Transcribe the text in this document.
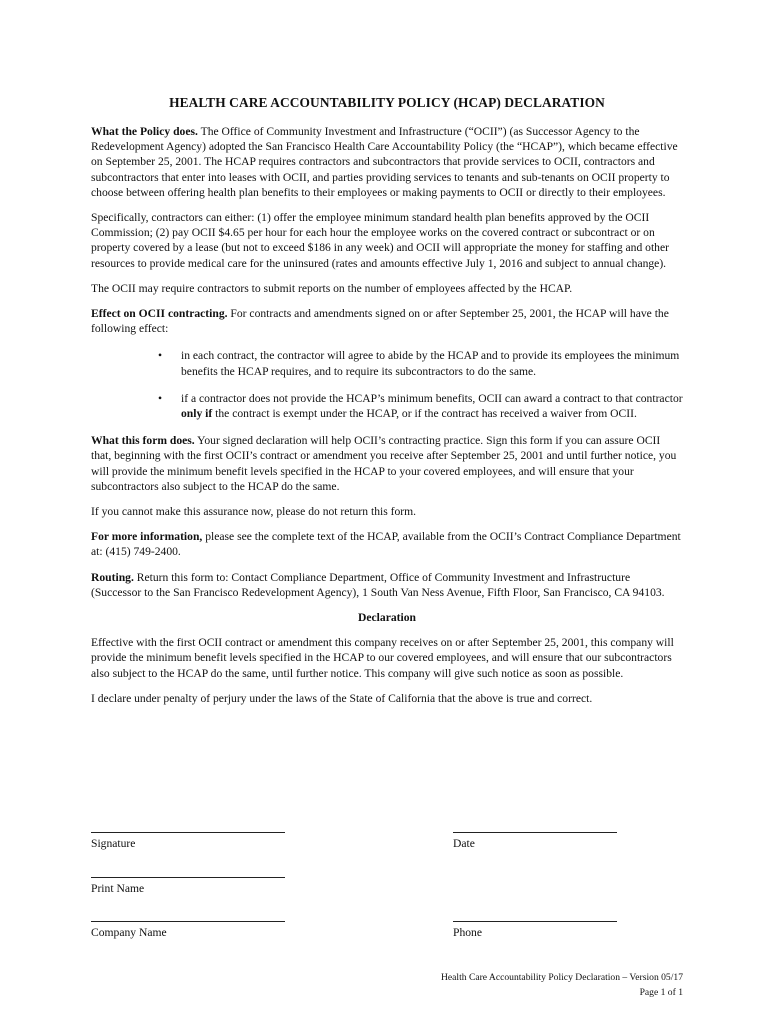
HEALTH CARE ACCOUNTABILITY POLICY (HCAP) DECLARATION

What the Policy does. The Office of Community Investment and Infrastructure (“OCII”) (as Successor Agency to the Redevelopment Agency) adopted the San Francisco Health Care Accountability Policy (the “HCAP”), which became effective on September 25, 2001. The HCAP requires contractors and subcontractors that provide services to OCII, contractors and subcontractors that enter into leases with OCII, and parties providing services to tenants and sub-tenants on OCII property to choose between offering health plan benefits to their employees or making payments to OCII or directly to their employees.

Specifically, contractors can either: (1) offer the employee minimum standard health plan benefits approved by the OCII Commission; (2) pay OCII $4.65 per hour for each hour the employee works on the covered contract or subcontract or on property covered by a lease (but not to exceed $186 in any week) and OCII will appropriate the money for staffing and other resources to provide medical care for the uninsured (rates and amounts effective July 1, 2016 and subject to annual change).

The OCII may require contractors to submit reports on the number of employees affected by the HCAP.

Effect on OCII contracting. For contracts and amendments signed on or after September 25, 2001, the HCAP will have the following effect:

• in each contract, the contractor will agree to abide by the HCAP and to provide its employees the minimum benefits the HCAP requires, and to require its subcontractors to do the same.
• if a contractor does not provide the HCAP’s minimum benefits, OCII can award a contract to that contractor only if the contract is exempt under the HCAP, or if the contract has received a waiver from OCII.

What this form does. Your signed declaration will help OCII’s contracting practice. Sign this form if you can assure OCII that, beginning with the first OCII’s contract or amendment you receive after September 25, 2001 and until further notice, you will provide the minimum benefit levels specified in the HCAP to your covered employees, and will ensure that your subcontractors also subject to the HCAP do the same.

If you cannot make this assurance now, please do not return this form.

For more information, please see the complete text of the HCAP, available from the OCII’s Contract Compliance Department at: (415) 749-2400.

Routing. Return this form to: Contact Compliance Department, Office of Community Investment and Infrastructure (Successor to the San Francisco Redevelopment Agency), 1 South Van Ness Avenue, Fifth Floor, San Francisco, CA 94103.

Declaration

Effective with the first OCII contract or amendment this company receives on or after September 25, 2001, this company will provide the minimum benefit levels specified in the HCAP to our covered employees, and will ensure that our subcontractors also subject to the HCAP do the same, until further notice. This company will give such notice as soon as possible.

I declare under penalty of perjury under the laws of the State of California that the above is true and correct.

Signature	Date
Print Name
Company Name	Phone
Health Care Accountability Policy Declaration – Version 05/17
Page 1 of 1
